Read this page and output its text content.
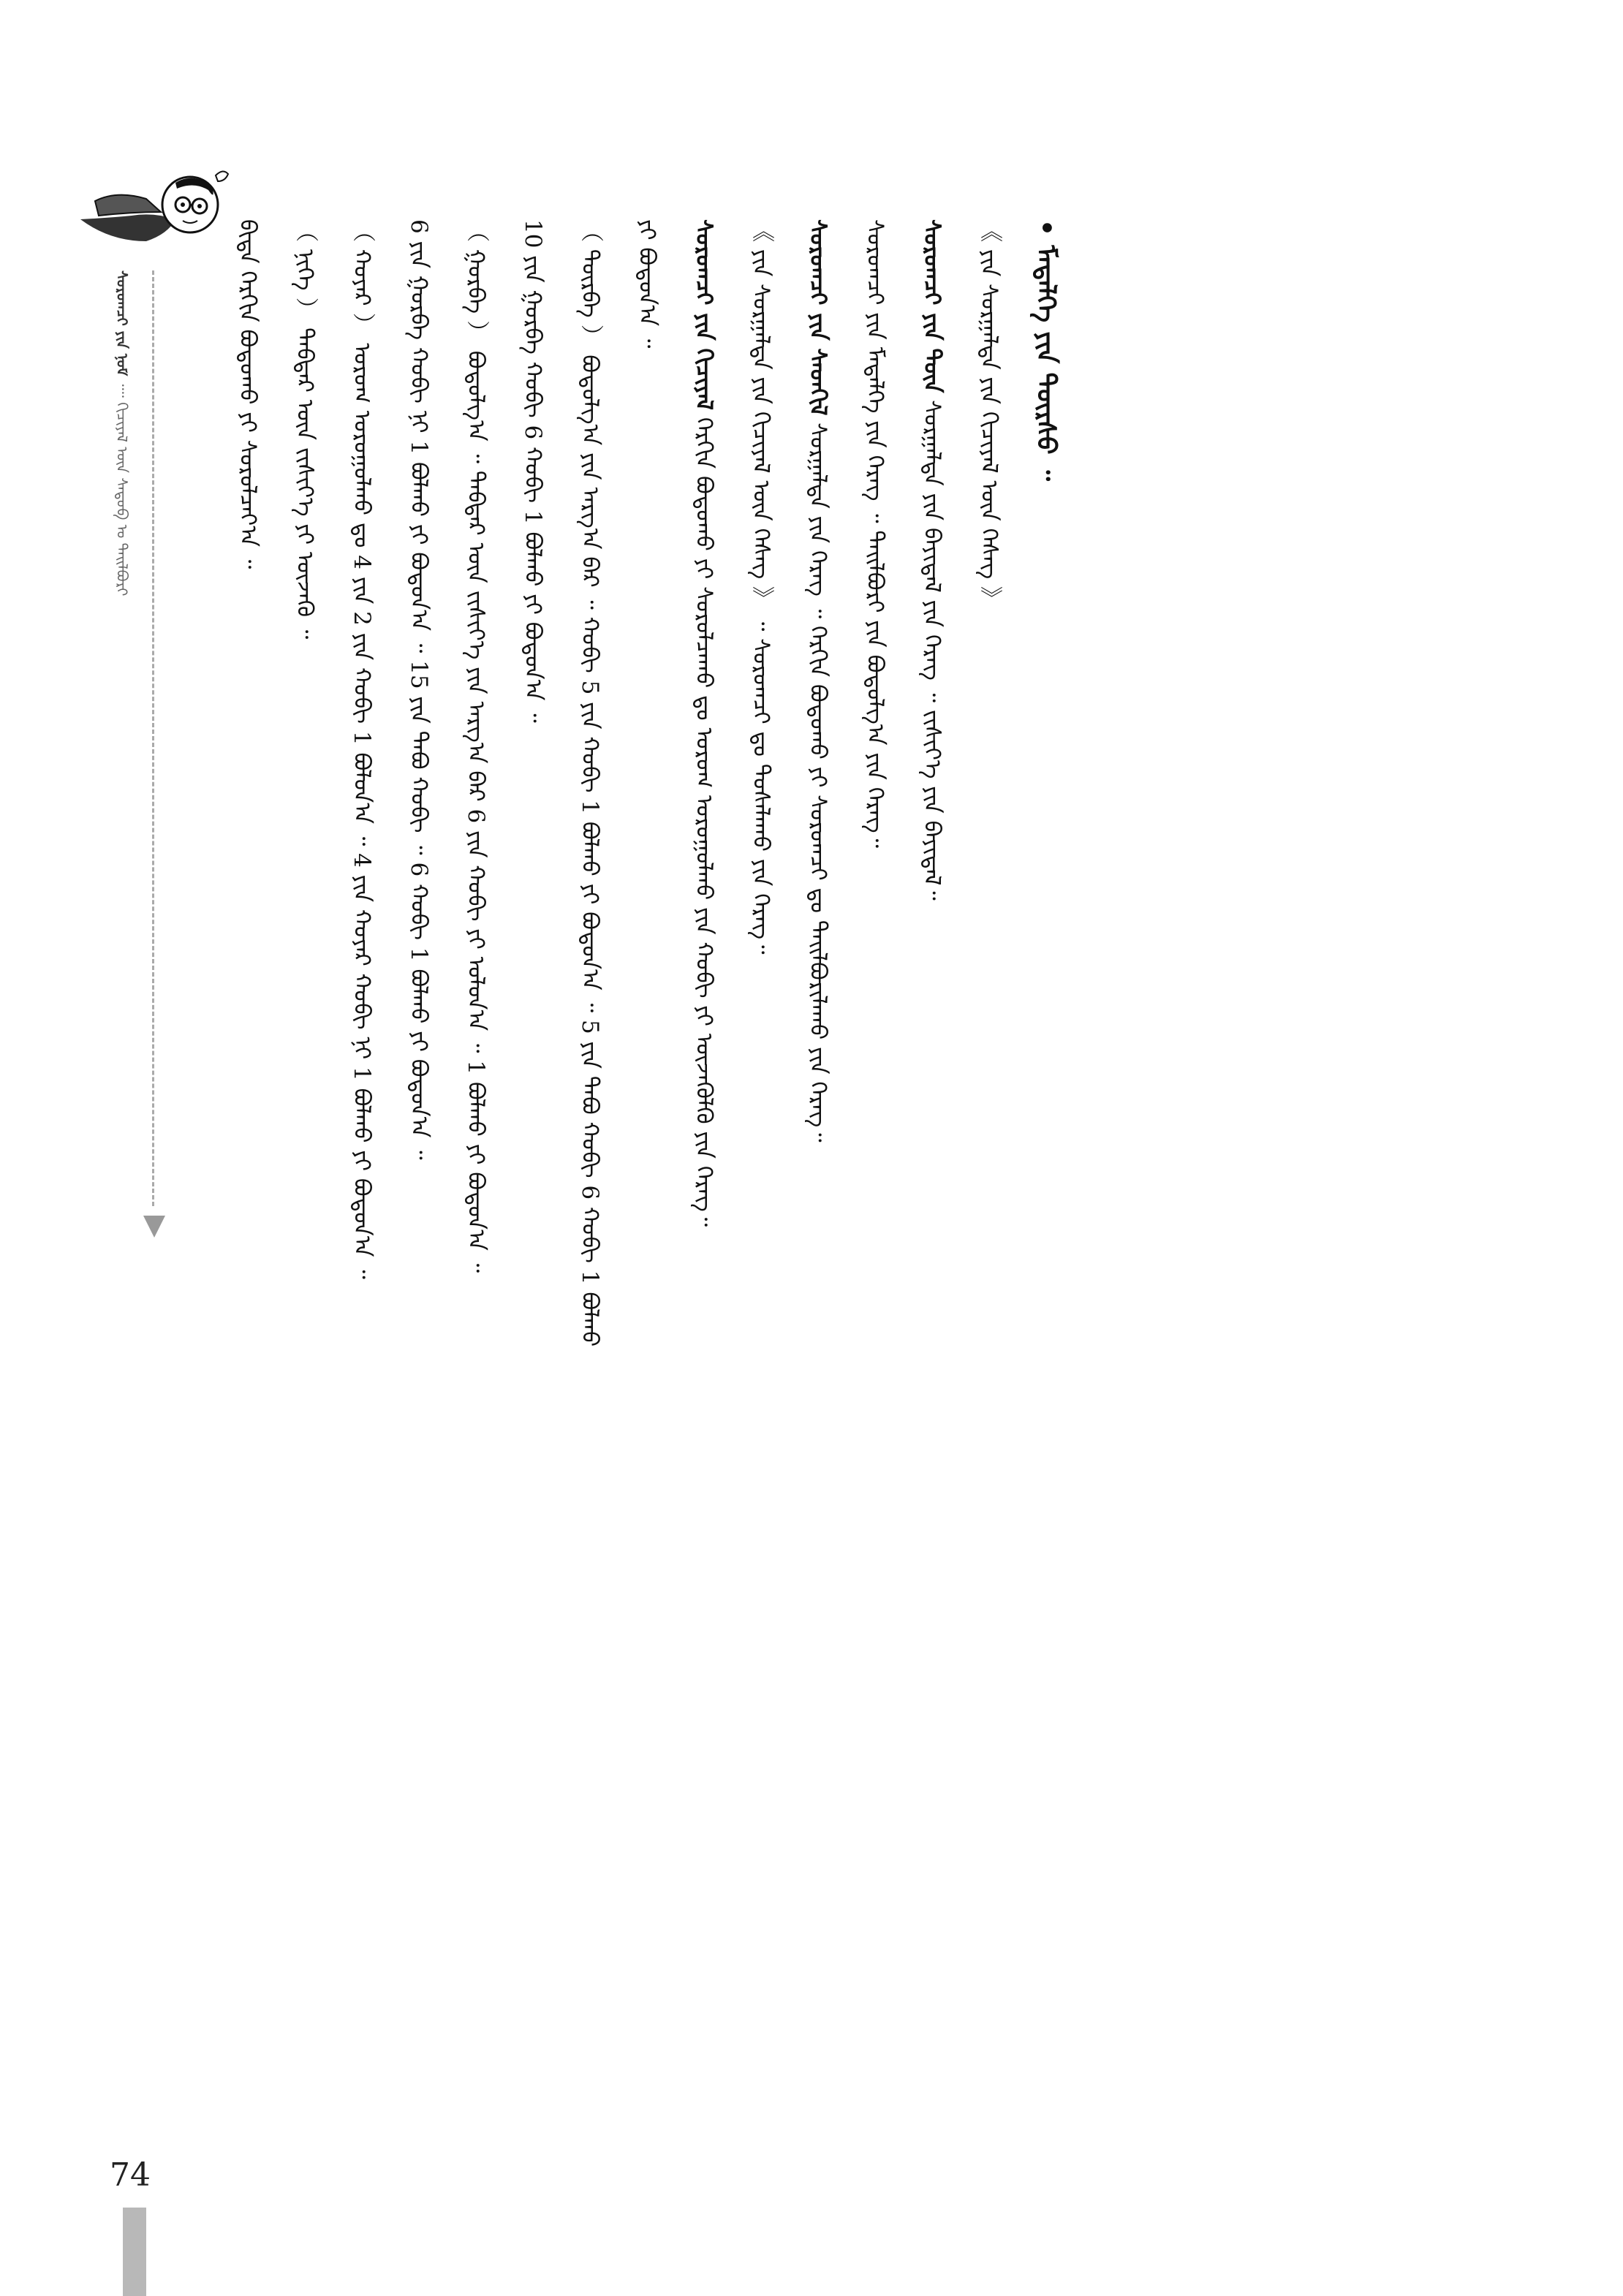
ᠰᠤᠷᠤᠭᠴᠢ ᠶᠢᠨ ᠨᠣᠮ ᠁ ᠬᠢᠴᠢᠶᠡᠯ ᠦᠨ ᠰᠡᠳᠦᠪ ᠤ ᠲᠠᠢᠯᠪᠤᠷᠢ	ᠪᠢᠳᠡ ᠬᠡᠷᠬᠢᠨ ᠪᠣᠳᠣᠬᠤ ᠶᠢ ᠰᠤᠷᠤᠯᠴᠠᠶ᠎ᠠ ᠃	（ ᠨᠢᠭᠡ ） ᠳᠡᠪᠲᠡᠷ ᠦᠨ ᠵᠢᠱᠢᠶ᠎ᠡ ᠶᠢ ᠦᠵᠡᠬᠦ ᠃	（ ᠬᠣᠶᠠᠷ ） ᠤᠷᠤᠭ ᠣᠷᠤᠭᠤᠯᠬᠤ ᠳᠤ 4 ᠶᠢᠨ 2 ᠶᠢᠨ ᠬᠤᠪᠢ 1 ᠪᠣᠯᠤᠨ᠎ᠠ ᠃ 4 ᠶᠢᠨ ᠬᠣᠶᠠᠷ ᠬᠤᠪᠢ ᠨᠢ 1 ᠪᠣᠯᠬᠤ ᠶᠢ ᠪᠣᠳᠣᠨ᠎ᠠ ᠃	6 ᠶᠢᠨ ᠭᠤᠷᠪᠠ ᠬᠤᠪᠢ ᠨᠢ 1 ᠪᠣᠯᠬᠤ ᠶᠢ ᠪᠣᠳᠣᠨ᠎ᠠ ᠃ 15 ᠶᠢᠨ ᠲᠠᠪᠤ ᠬᠤᠪᠢ ᠃ 6 ᠬᠤᠪᠢ 1 ᠪᠣᠯᠬᠤ ᠶᠢ ᠪᠣᠳᠣᠨ᠎ᠠ ᠃	（ ᠭᠤᠷᠪᠠ ） ᠪᠣᠳᠣᠯᠭ᠎ᠠ ᠃ ᠳᠡᠪᠲᠡᠷ ᠦᠨ ᠵᠢᠱᠢᠶ᠎ᠡ ᠶᠢᠨ ᠠᠷᠭ᠎ᠠ ᠪᠡᠷ 6 ᠶᠢᠨ ᠬᠤᠪᠢ ᠶᠢ ᠣᠯᠤᠨ᠎ᠠ ᠃ 1 ᠪᠣᠯᠬᠤ ᠶᠢ ᠪᠣᠳᠣᠨ᠎ᠠ ᠃	10 ᠶᠢᠨ ᠭᠤᠷᠪᠠ ᠬᠤᠪᠢ 6 ᠬᠤᠪᠢ 1 ᠪᠣᠯᠬᠤ ᠶᠢ ᠪᠣᠳᠣᠨ᠎ᠠ ᠃	（ ᠳᠥᠷᠪᠡ ） ᠪᠣᠳᠣᠯᠭ᠎ᠠ ᠶᠢᠨ ᠠᠷᠭ᠎ᠠ ᠪᠡᠷ ᠃ ᠬᠤᠪᠢ 5 ᠶᠢᠨ ᠬᠤᠪᠢ 1 ᠪᠣᠯᠬᠤ ᠶᠢ ᠪᠣᠳᠣᠨ᠎ᠠ ᠃ 5 ᠶᠢᠨ ᠲᠠᠪᠤ ᠬᠤᠪᠢ 6 ᠬᠤᠪᠢ 1 ᠪᠣᠯᠬᠤ	ᠶᠢ ᠪᠣᠳᠣᠨ᠎ᠠ ᠃	ᠰᠤᠷᠤᠭᠴᠢ ᠶᠢᠨ ᠬᠢᠴᠢᠶᠡᠯ ᠬᠡᠷᠬᠢᠨ ᠪᠣᠳᠣᠬᠤ ᠶᠢ ᠰᠤᠷᠤᠯᠴᠠᠬᠤ ᠳᠤ ᠤᠷᠤᠭ ᠣᠷᠤᠭᠤᠯᠬᠤ ᠶᠢᠨ ᠬᠤᠪᠢ ᠶᠢ ᠦᠵᠡᠭᠦᠯᠬᠦ ᠶᠢᠨ ᠬᠡᠷᠡᠭ᠃	《 ᠶᠢᠨ ᠰᠤᠷᠭᠠᠯᠲᠠ ᠶᠢᠨ ᠬᠢᠴᠢᠶᠡᠯ ᠦᠨ ᠬᠡᠰᠡᠭ 》 ᠃ ᠰᠤᠷᠤᠭᠴᠢ ᠳᠤ ᠲᠤᠰᠠᠯᠠᠬᠤ ᠶᠢᠨ ᠬᠡᠷᠡᠭ᠃	ᠰᠤᠷᠤᠭᠴᠢ ᠶᠢᠨ ᠰᠡᠳᠬᠢᠯ ᠰᠤᠷᠭᠠᠯᠲᠠ ᠶᠢᠨ ᠬᠡᠷᠡᠭ ᠃ ᠬᠡᠷᠬᠢᠨ ᠪᠣᠳᠣᠬᠤ ᠶᠢ ᠰᠤᠷᠤᠭᠴᠢ ᠳᠤ ᠲᠠᠢᠯᠪᠤᠷᠢᠯᠠᠬᠤ ᠶᠢᠨ ᠬᠡᠷᠡᠭ᠃	ᠰᠤᠷᠤᠭᠴᠢ ᠶᠢᠨ ᠮᠡᠳᠡᠯᠭᠡ ᠶᠢᠨ ᠬᠡᠷᠡᠭ ᠃ ᠲᠠᠢᠯᠪᠤᠷᠢ ᠶᠢᠨ ᠪᠣᠳᠣᠯᠭ᠎ᠠ ᠶᠢᠨ ᠬᠡᠷᠡᠭ᠃	ᠰᠤᠷᠤᠭᠴᠢ ᠶᠢᠨ ᠳᠦᠨ ᠰᠤᠷᠭᠠᠯᠲᠠ ᠶᠢᠨ ᠪᠠᠶᠢᠳᠠᠯ ᠶᠢᠨ ᠬᠡᠷᠡᠭ ᠃ ᠵᠢᠱᠢᠶ᠎ᠡ ᠶᠢᠨ ᠪᠠᠶᠢᠳᠠᠯ᠃	《 ᠶᠢᠨ ᠰᠤᠷᠭᠠᠯᠲᠠ ᠶᠢᠨ ᠬᠢᠴᠢᠶᠡᠯ ᠦᠨ ᠬᠡᠰᠡᠭ 》	• ᠮᠡᠳᠡᠯᠭᠡ ᠶᠢᠨ ᠳᠦᠷᠰᠦ ᠃

74
